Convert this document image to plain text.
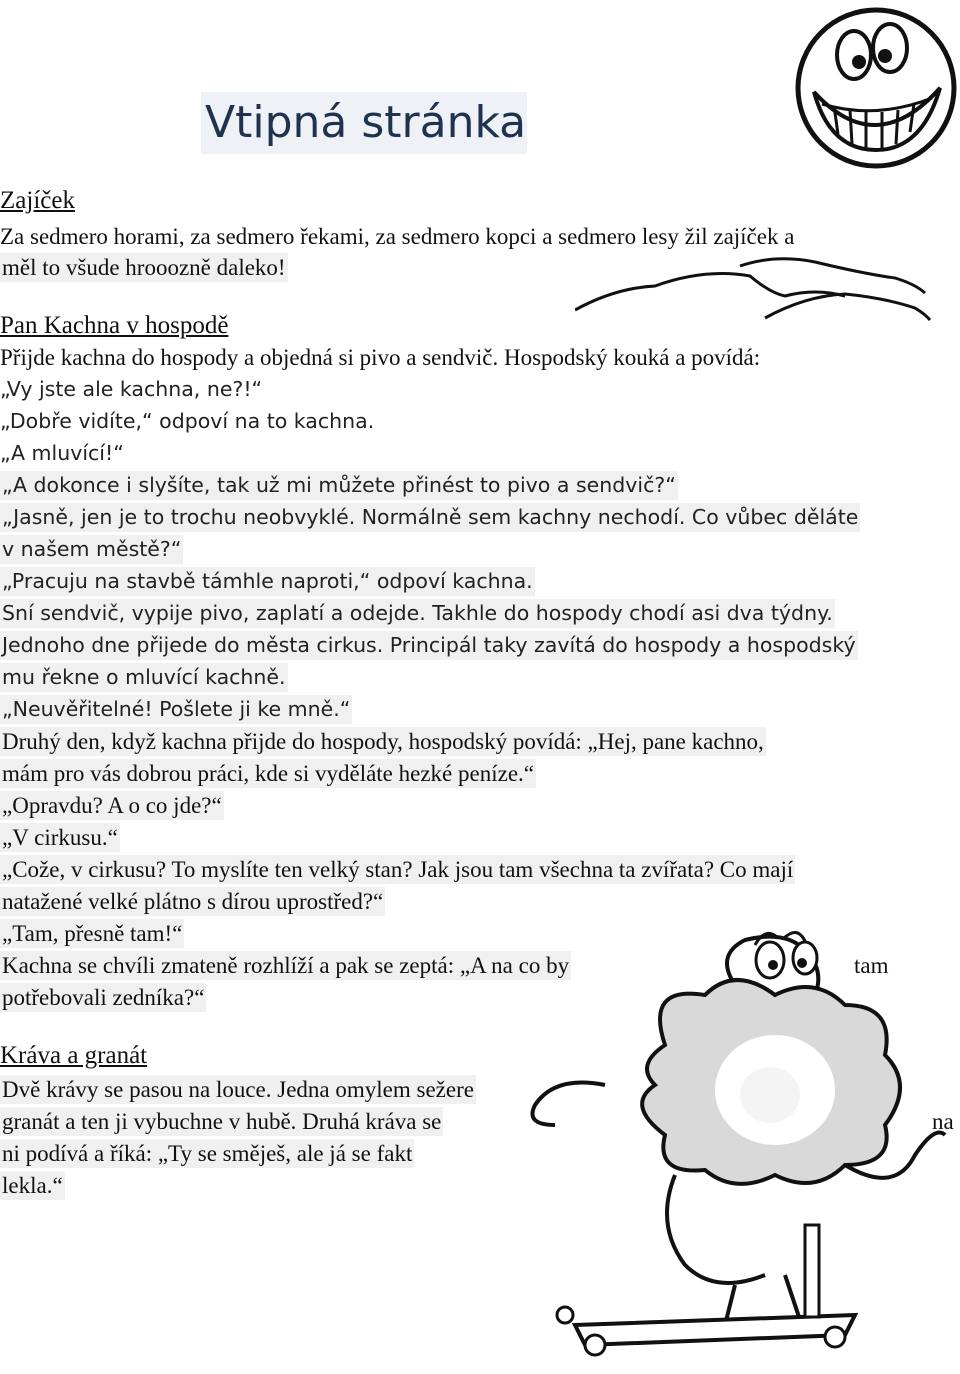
Vtipná stránka
Zajíček
Za sedmero horami, za sedmero řekami, za sedmero kopci a sedmero lesy žil zajíček a
měl to všude hrooozně daleko!
Pan Kachna v hospodě
Přijde kachna do hospody a objedná si pivo a sendvič. Hospodský kouká a povídá:
„Vy jste ale kachna, ne?!“
„Dobře vidíte,“ odpoví na to kachna.
„A mluvící!“
„A dokonce i slyšíte, tak už mi můžete přinést to pivo a sendvič?“
„Jasně, jen je to trochu neobvyklé. Normálně sem kachny nechodí. Co vůbec děláte
v našem městě?“
„Pracuju na stavbě támhle naproti,“ odpoví kachna.
Sní sendvič, vypije pivo, zaplatí a odejde. Takhle do hospody chodí asi dva týdny.
Jednoho dne přijede do města cirkus. Principál taky zavítá do hospody a hospodský
mu řekne o mluvící kachně.
„Neuvěřitelné! Pošlete ji ke mně.“
Druhý den, když kachna přijde do hospody, hospodský povídá: „Hej, pane kachno,
mám pro vás dobrou práci, kde si vyděláte hezké peníze.“
„Opravdu? A o co jde?“
„V cirkusu.“
„Cože, v cirkusu? To myslíte ten velký stan? Jak jsou tam všechna ta zvířata? Co mají
natažené velké plátno s dírou uprostřed?“
„Tam, přesně tam!“
Kachna se chvíli zmateně rozhlíží a pak se zeptá: „A na co by	tam
potřebovali zedníka?“
Kráva a granát
Dvě krávy se pasou na louce. Jedna omylem sežere
granát a ten ji vybuchne v hubě. Druhá kráva se	na
ni podívá a říká: „Ty se směješ, ale já se fakt
lekla.“
